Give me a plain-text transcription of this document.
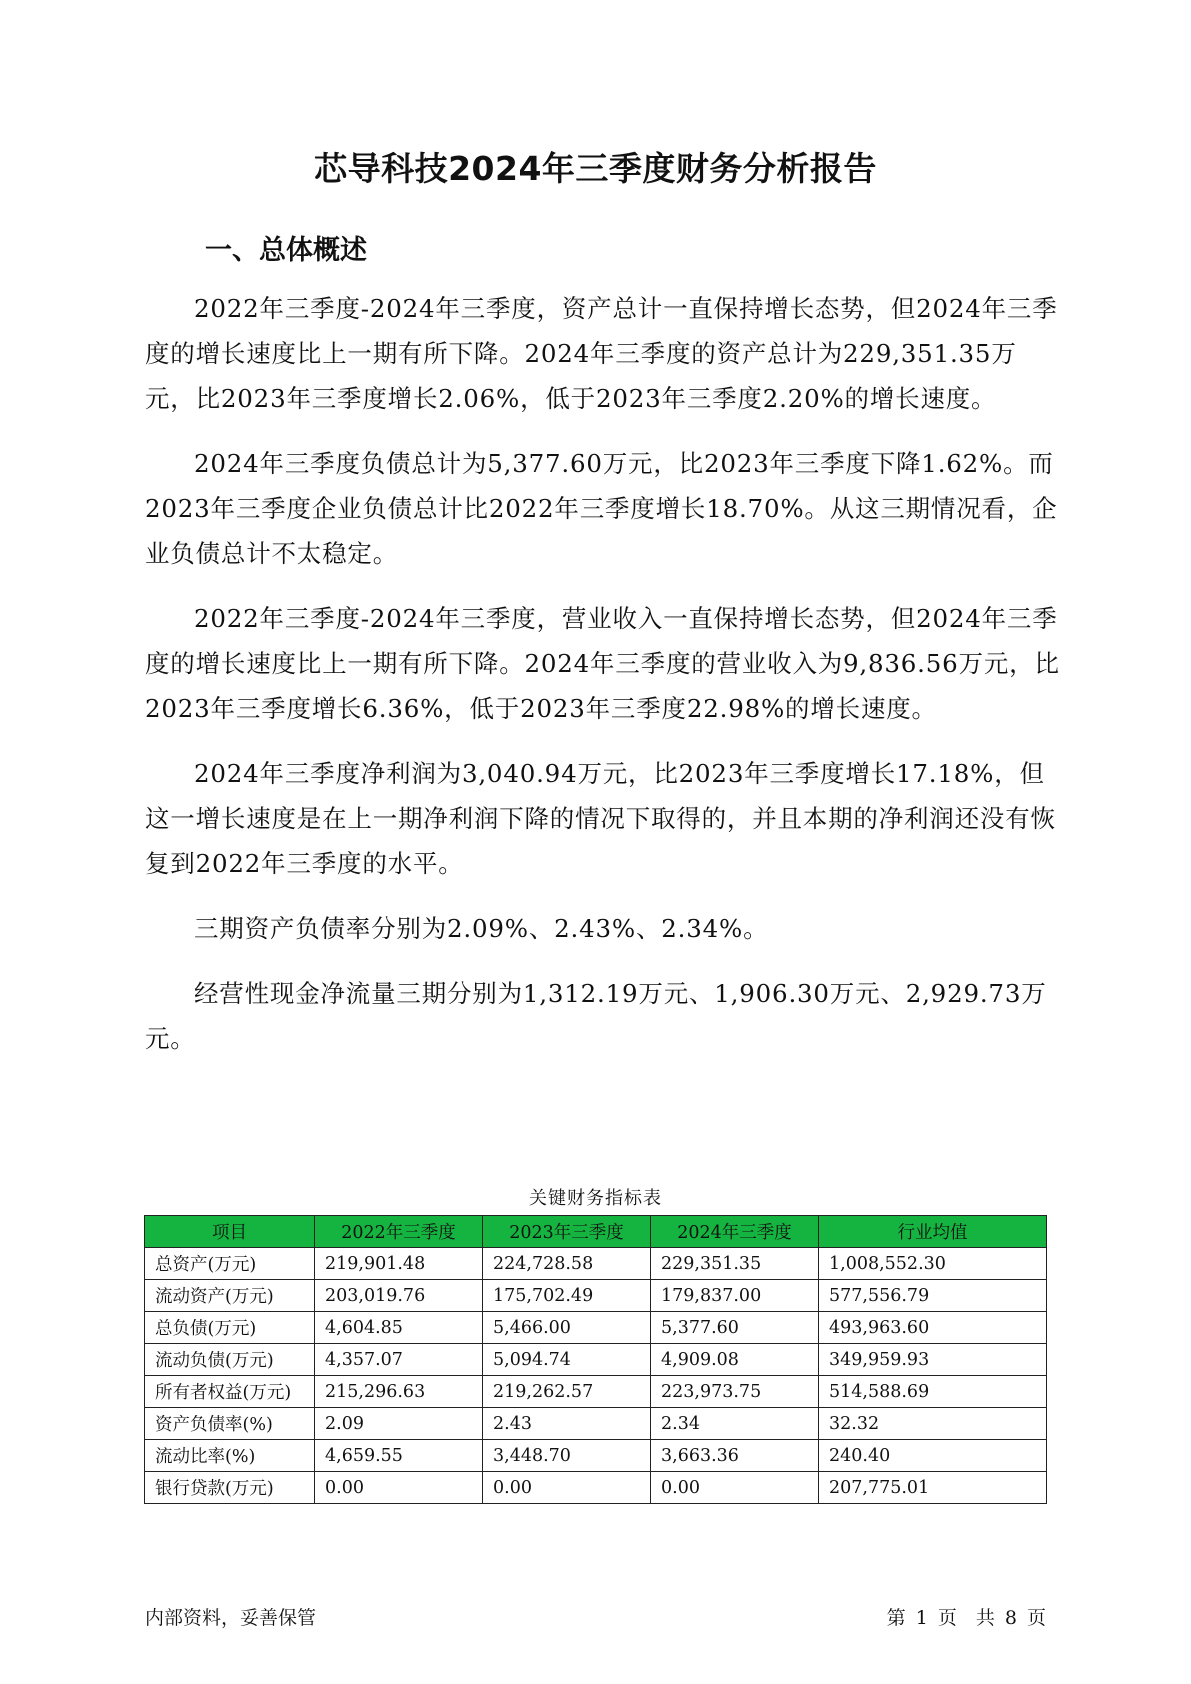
芯导科技2024年三季度财务分析报告
一、总体概述

2022年三季度-2024年三季度，资产总计一直保持增长态势，但2024年三季度的增长速度比上一期有所下降。2024年三季度的资产总计为229,351.35万元，比2023年三季度增长2.06%，低于2023年三季度2.20%的增长速度。

2024年三季度负债总计为5,377.60万元，比2023年三季度下降1.62%。而2023年三季度企业负债总计比2022年三季度增长18.70%。从这三期情况看，企业负债总计不太稳定。

2022年三季度-2024年三季度，营业收入一直保持增长态势，但2024年三季度的增长速度比上一期有所下降。2024年三季度的营业收入为9,836.56万元，比2023年三季度增长6.36%，低于2023年三季度22.98%的增长速度。

2024年三季度净利润为3,040.94万元，比2023年三季度增长17.18%，但这一增长速度是在上一期净利润下降的情况下取得的，并且本期的净利润还没有恢复到2022年三季度的水平。

三期资产负债率分别为2.09%、2.43%、2.34%。

经营性现金净流量三期分别为1,312.19万元、1,906.30万元、2,929.73万元。

关键财务指标表
项目	2022年三季度	2023年三季度	2024年三季度	行业均值
总资产(万元)	219,901.48	224,728.58	229,351.35	1,008,552.30
流动资产(万元)	203,019.76	175,702.49	179,837.00	577,556.79
总负债(万元)	4,604.85	5,466.00	5,377.60	493,963.60
流动负债(万元)	4,357.07	5,094.74	4,909.08	349,959.93
所有者权益(万元)	215,296.63	219,262.57	223,973.75	514,588.69
资产负债率(%)	2.09	2.43	2.34	32.32
流动比率(%)	4,659.55	3,448.70	3,663.36	240.40
银行贷款(万元)	0.00	0.00	0.00	207,775.01
内部资料，妥善保管	第 1 页　共 8 页
